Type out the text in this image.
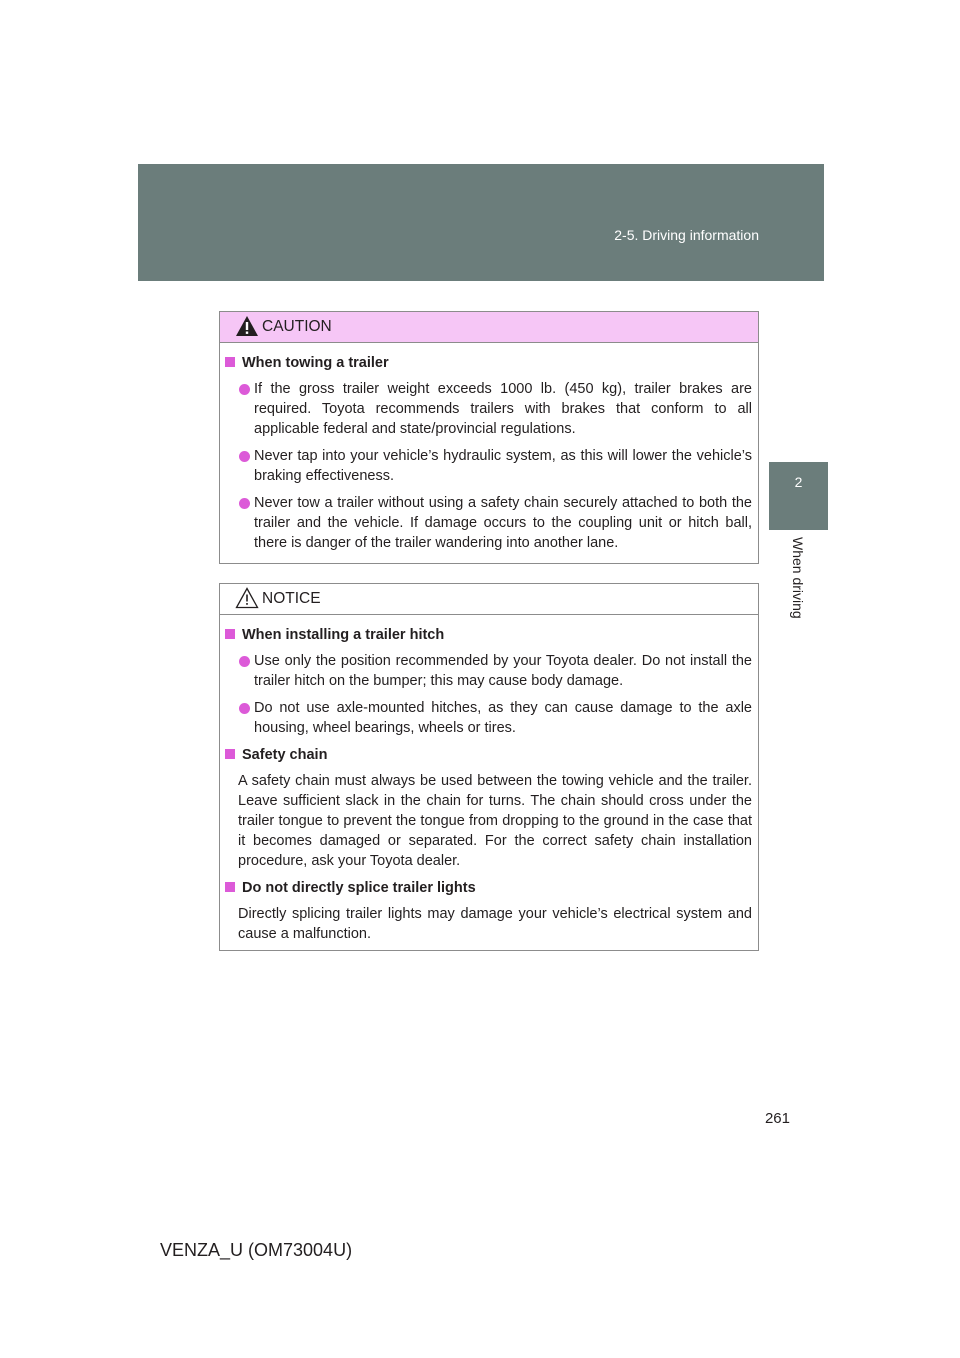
2-5. Driving information
2
When driving
CAUTION
When towing a trailer
If the gross trailer weight exceeds 1000 lb. (450 kg), trailer brakes are required. Toyota recommends trailers with brakes that conform to all applicable federal and state/provincial regulations.
Never tap into your vehicle’s hydraulic system, as this will lower the vehicle’s braking effectiveness.
Never tow a trailer without using a safety chain securely attached to both the trailer and the vehicle. If damage occurs to the coupling unit or hitch ball, there is danger of the trailer wandering into another lane.
NOTICE
When installing a trailer hitch
Use only the position recommended by your Toyota dealer. Do not install the trailer hitch on the bumper; this may cause body damage.
Do not use axle-mounted hitches, as they can cause damage to the axle housing, wheel bearings, wheels or tires.
Safety chain
A safety chain must always be used between the towing vehicle and the trailer. Leave sufficient slack in the chain for turns. The chain should cross under the trailer tongue to prevent the tongue from dropping to the ground in the case that it becomes damaged or separated. For the correct safety chain installation procedure, ask your Toyota dealer.
Do not directly splice trailer lights
Directly splicing trailer lights may damage your vehicle’s electrical system and cause a malfunction.
261
VENZA_U (OM73004U)
